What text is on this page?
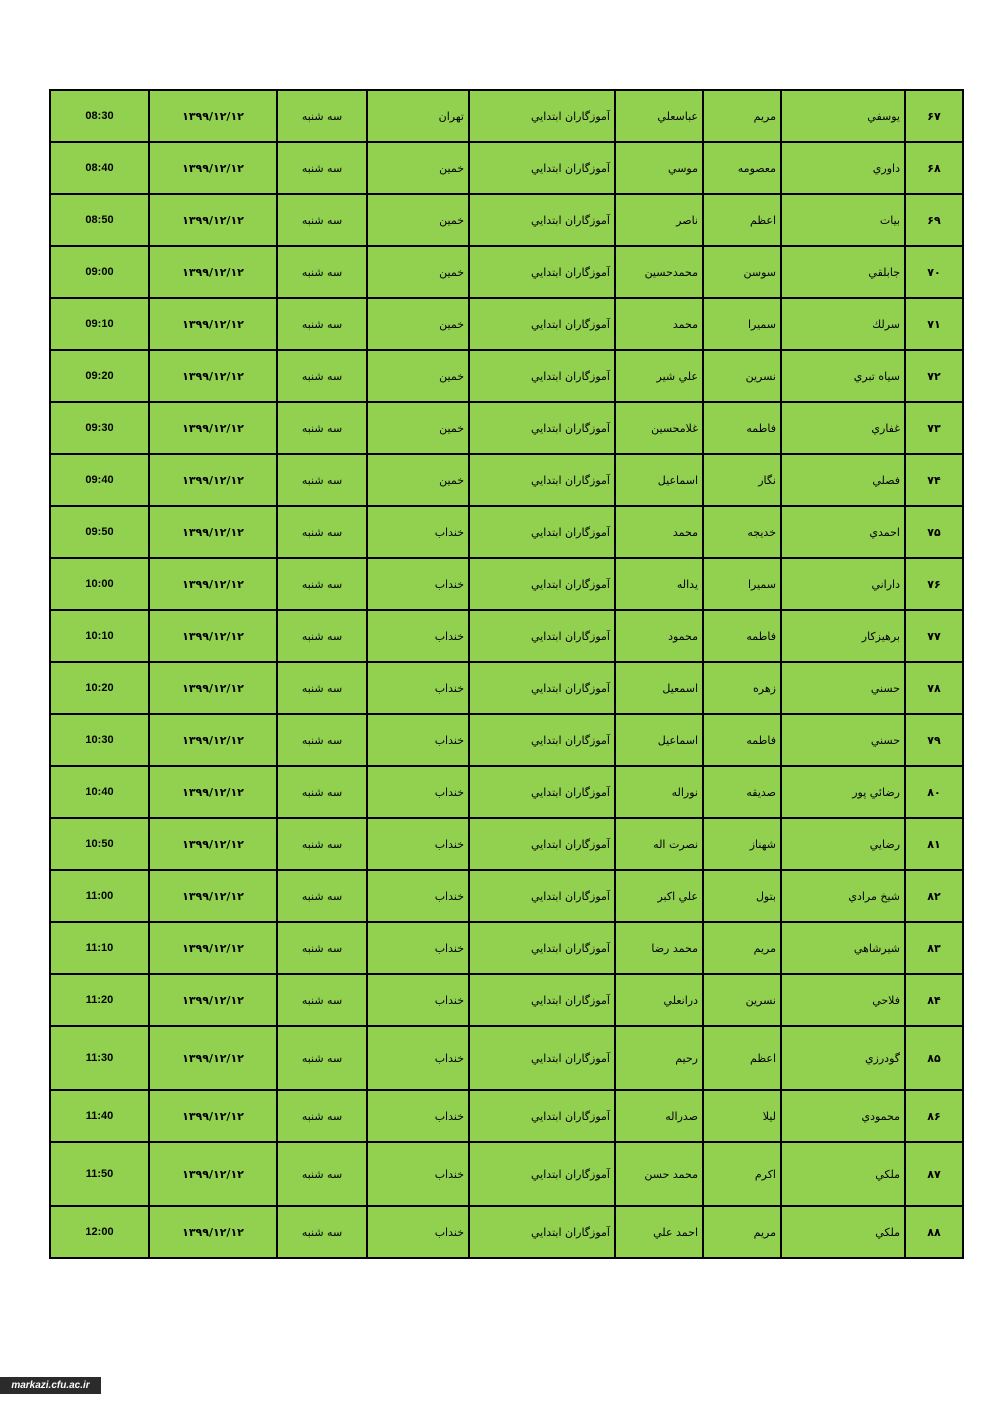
۶۷	يوسفي	مريم	عباسعلي	آموزگاران ابتدايي	تهران	سه شنبه	۱۳۹۹/۱۲/۱۲	08:30
۶۸	داوري	معصومه	موسي	آموزگاران ابتدايي	خمين	سه شنبه	۱۳۹۹/۱۲/۱۲	08:40
۶۹	بيات	اعظم	ناصر	آموزگاران ابتدايي	خمين	سه شنبه	۱۳۹۹/۱۲/۱۲	08:50
۷۰	جابلقي	سوسن	محمدحسين	آموزگاران ابتدايي	خمين	سه شنبه	۱۳۹۹/۱۲/۱۲	09:00
۷۱	سرلك	سميرا	محمد	آموزگاران ابتدايي	خمين	سه شنبه	۱۳۹۹/۱۲/۱۲	09:10
۷۲	سياه تبري	نسرين	علي شير	آموزگاران ابتدايي	خمين	سه شنبه	۱۳۹۹/۱۲/۱۲	09:20
۷۳	غفاري	فاطمه	غلامحسين	آموزگاران ابتدايي	خمين	سه شنبه	۱۳۹۹/۱۲/۱۲	09:30
۷۴	فصلي	نگار	اسماعيل	آموزگاران ابتدايي	خمين	سه شنبه	۱۳۹۹/۱۲/۱۲	09:40
۷۵	احمدي	خديجه	محمد	آموزگاران ابتدايي	خنداب	سه شنبه	۱۳۹۹/۱۲/۱۲	09:50
۷۶	داراني	سميرا	يداله	آموزگاران ابتدايي	خنداب	سه شنبه	۱۳۹۹/۱۲/۱۲	10:00
۷۷	برهيزكار	فاطمه	محمود	آموزگاران ابتدايي	خنداب	سه شنبه	۱۳۹۹/۱۲/۱۲	10:10
۷۸	حسني	زهره	اسمعيل	آموزگاران ابتدايي	خنداب	سه شنبه	۱۳۹۹/۱۲/۱۲	10:20
۷۹	حسني	فاطمه	اسماعيل	آموزگاران ابتدايي	خنداب	سه شنبه	۱۳۹۹/۱۲/۱۲	10:30
۸۰	رضائي پور	صديقه	نوراله	آموزگاران ابتدايي	خنداب	سه شنبه	۱۳۹۹/۱۲/۱۲	10:40
۸۱	رضايي	شهناز	نصرت اله	آموزگاران ابتدايي	خنداب	سه شنبه	۱۳۹۹/۱۲/۱۲	10:50
۸۲	شيخ مرادي	بتول	علي اكبر	آموزگاران ابتدايي	خنداب	سه شنبه	۱۳۹۹/۱۲/۱۲	11:00
۸۳	شيرشاهي	مريم	محمد رضا	آموزگاران ابتدايي	خنداب	سه شنبه	۱۳۹۹/۱۲/۱۲	11:10
۸۴	فلاحي	نسرين	درانعلي	آموزگاران ابتدايي	خنداب	سه شنبه	۱۳۹۹/۱۲/۱۲	11:20
۸۵	گودرزي	اعظم	رحيم	آموزگاران ابتدايي	خنداب	سه شنبه	۱۳۹۹/۱۲/۱۲	11:30
۸۶	محمودي	ليلا	صدراله	آموزگاران ابتدايي	خنداب	سه شنبه	۱۳۹۹/۱۲/۱۲	11:40
۸۷	ملكي	اكرم	محمد حسن	آموزگاران ابتدايي	خنداب	سه شنبه	۱۳۹۹/۱۲/۱۲	11:50
۸۸	ملكي	مريم	احمد علي	آموزگاران ابتدايي	خنداب	سه شنبه	۱۳۹۹/۱۲/۱۲	12:00
markazi.cfu.ac.ir
